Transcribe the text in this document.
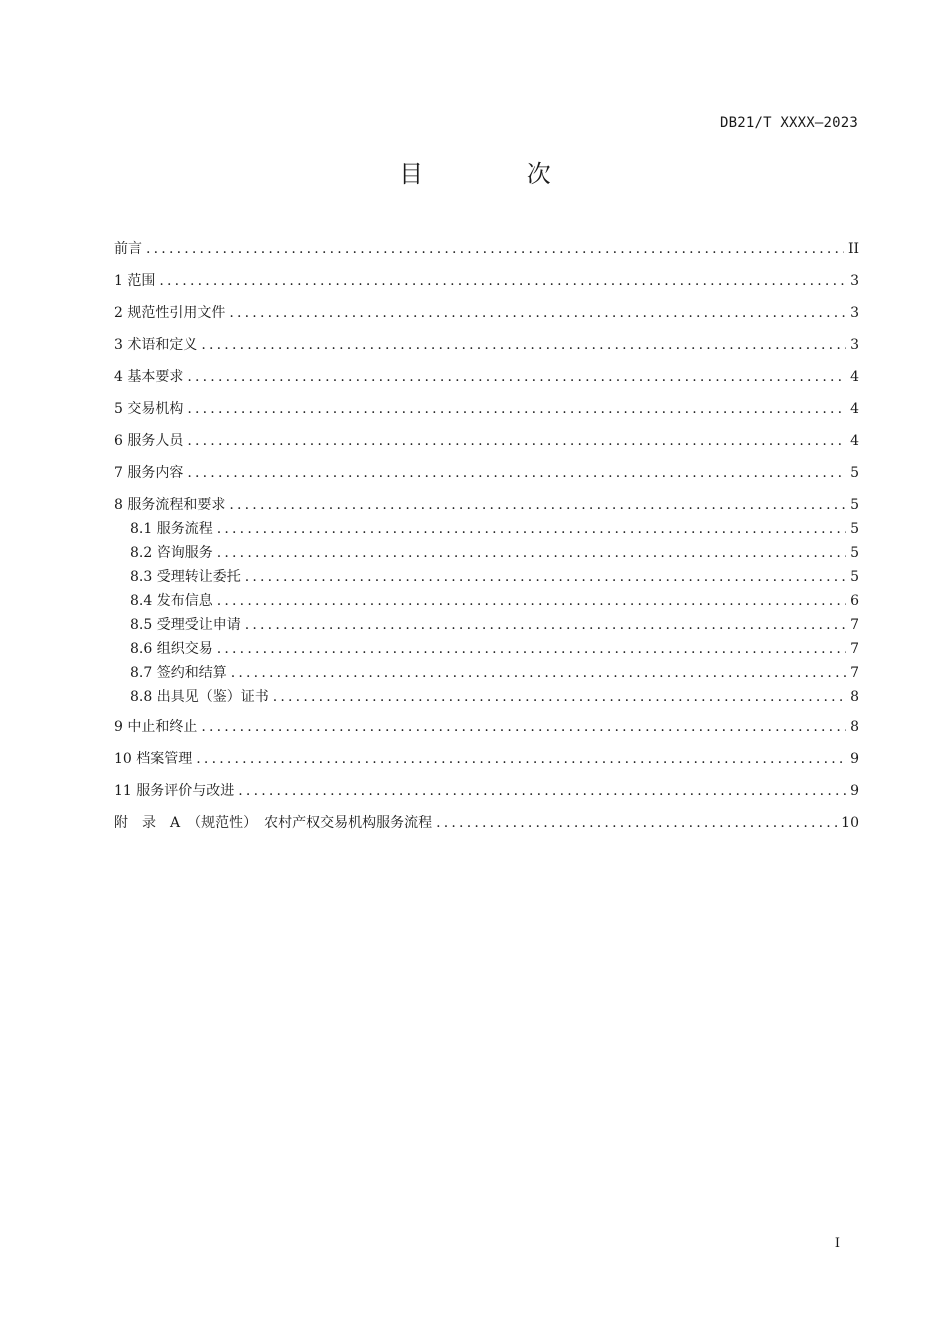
DB21/T XXXX—2023
目 次
前言 .....	II
1 范围 .....	3
2 规范性引用文件 .....	3
3 术语和定义 .....	3
4 基本要求 .....	4
5 交易机构 .....	4
6 服务人员 .....	4
7 服务内容 .....	5
8 服务流程和要求 .....	5
8.1 服务流程 .....	5
8.2 咨询服务 .....	5
8.3 受理转让委托 .....	5
8.4 发布信息 .....	6
8.5 受理受让申请 .....	7
8.6 组织交易 .....	7
8.7 签约和结算 .....	7
8.8 出具见（鉴）证书 .....	8
9 中止和终止 .....	8
10 档案管理 .....	9
11 服务评价与改进 .....	9
附　录　A　（规范性）　农村产权交易机构服务流程 .....	10
I
